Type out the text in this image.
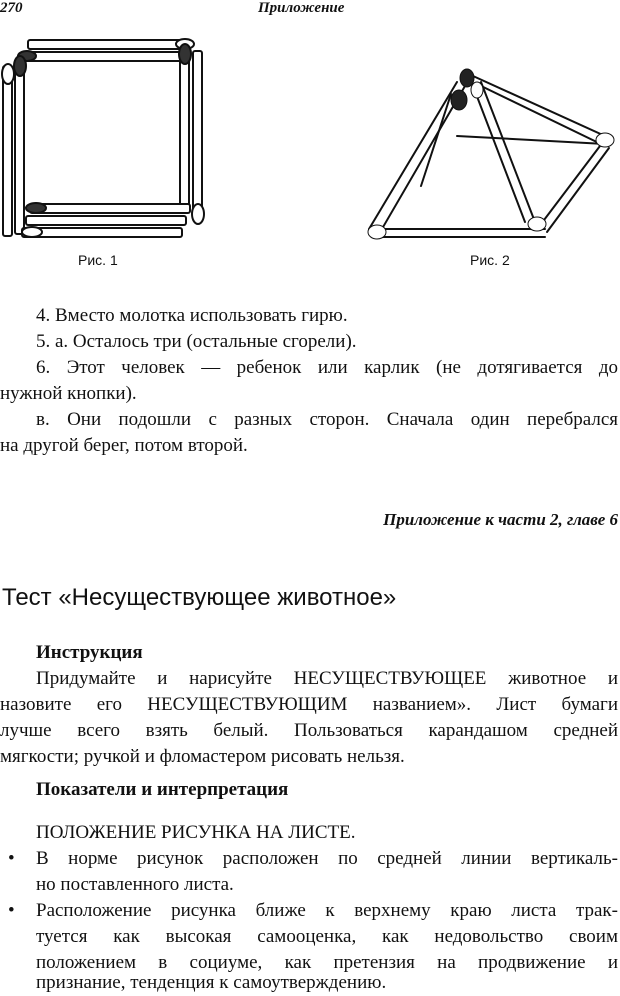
270	Приложение
Рис. 1	Рис. 2
4. Вместо молотка использовать гирю.
5. а. Осталось три (остальные сгорели).
6. Этот человек — ребенок или карлик (не дотягивается до
нужной кнопки).
в. Они подошли с разных сторон. Сначала один перебрался
на другой берег, потом второй.
Приложение к части 2, главе 6
Тест «Несуществующее животное»
Инструкция
Придумайте и нарисуйте НЕСУЩЕСТВУЮЩЕЕ животное и
назовите его НЕСУЩЕСТВУЮЩИМ названием». Лист бумаги
лучше всего взять белый. Пользоваться карандашом средней
мягкости; ручкой и фломастером рисовать нельзя.
Показатели и интерпретация
ПОЛОЖЕНИЕ РИСУНКА НА ЛИСТЕ.
• В норме рисунок расположен по средней линии вертикаль-
но поставленного листа.
• Расположение рисунка ближе к верхнему краю листа трак-
туется как высокая самооценка, как недовольство своим
положением в социуме, как претензия на продвижение и
признание, тенденция к самоутверждению.
